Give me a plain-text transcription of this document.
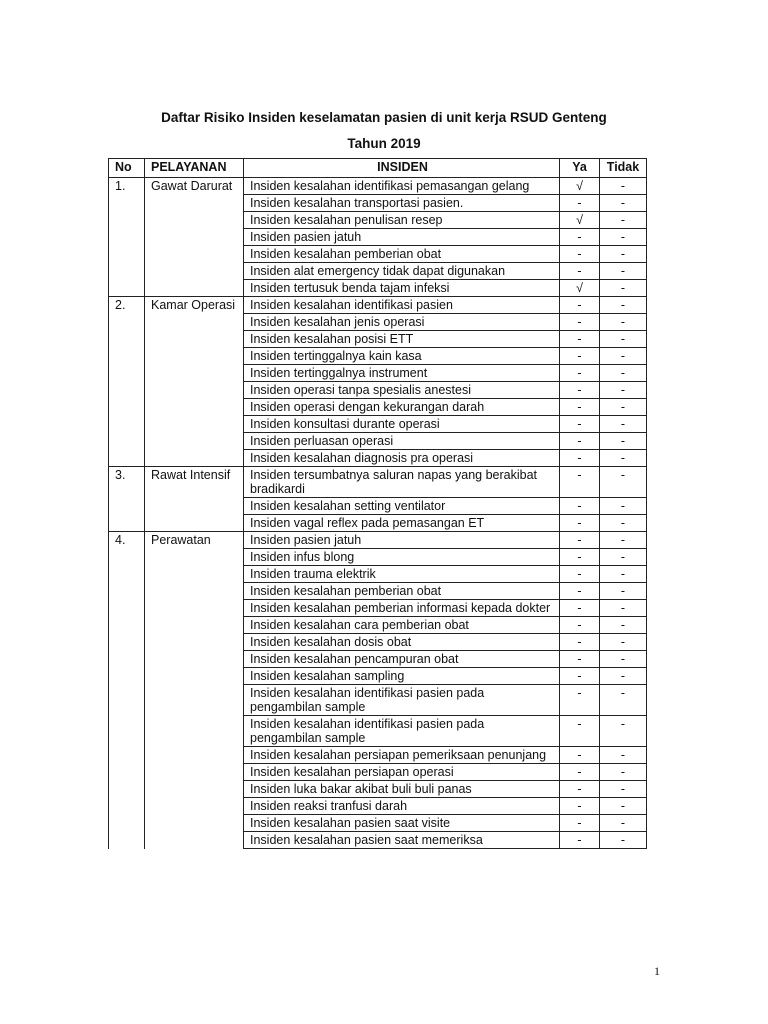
Daftar Risiko Insiden keselamatan pasien di unit kerja RSUD Genteng
Tahun 2019
No	PELAYANAN	INSIDEN	Ya	Tidak
1.	Gawat Darurat	Insiden kesalahan identifikasi pemasangan gelang	√	-
		Insiden kesalahan transportasi pasien.	-	-
		Insiden kesalahan penulisan resep	√	-
		Insiden pasien jatuh	-	-
		Insiden kesalahan pemberian obat	-	-
		Insiden alat emergency tidak dapat digunakan	-	-
		Insiden tertusuk benda tajam infeksi	√	-
2.	Kamar Operasi	Insiden kesalahan identifikasi pasien	-	-
		Insiden kesalahan jenis operasi	-	-
		Insiden kesalahan posisi ETT	-	-
		Insiden tertinggalnya kain kasa	-	-
		Insiden tertinggalnya instrument	-	-
		Insiden operasi tanpa spesialis anestesi	-	-
		Insiden operasi dengan kekurangan darah	-	-
		Insiden konsultasi durante operasi	-	-
		Insiden perluasan operasi	-	-
		Insiden kesalahan diagnosis pra operasi	-	-
3.	Rawat Intensif	Insiden tersumbatnya saluran napas yang berakibat bradikardi	-	-
		Insiden kesalahan setting ventilator	-	-
		Insiden vagal reflex pada pemasangan ET	-	-
4.	Perawatan	Insiden pasien jatuh	-	-
		Insiden infus blong	-	-
		Insiden trauma elektrik	-	-
		Insiden kesalahan pemberian obat	-	-
		Insiden kesalahan pemberian informasi kepada dokter	-	-
		Insiden kesalahan cara pemberian obat	-	-
		Insiden kesalahan dosis obat	-	-
		Insiden kesalahan pencampuran obat	-	-
		Insiden kesalahan sampling	-	-
		Insiden kesalahan identifikasi pasien pada pengambilan sample	-	-
		Insiden kesalahan identifikasi pasien pada pengambilan sample	-	-
		Insiden kesalahan persiapan pemeriksaan penunjang	-	-
		Insiden kesalahan persiapan operasi	-	-
		Insiden luka bakar akibat buli buli panas	-	-
		Insiden reaksi tranfusi darah	-	-
		Insiden kesalahan pasien saat visite	-	-
		Insiden kesalahan pasien saat memeriksa	-	-
1
